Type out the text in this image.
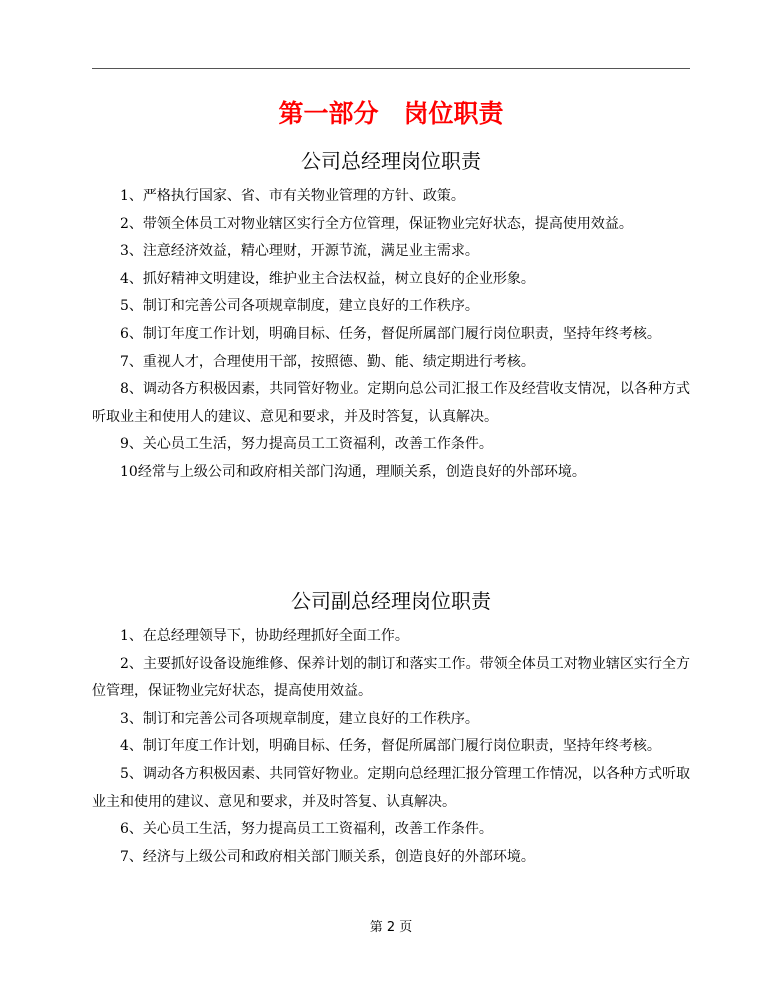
第一部分　岗位职责
公司总经理岗位职责

1、严格执行国家、省、市有关物业管理的方针、政策。

2、带领全体员工对物业辖区实行全方位管理，保证物业完好状态，提高使用效益。

3、注意经济效益，精心理财，开源节流，满足业主需求。

4、抓好精神文明建设，维护业主合法权益，树立良好的企业形象。

5、制订和完善公司各项规章制度，建立良好的工作秩序。

6、制订年度工作计划，明确目标、任务，督促所属部门履行岗位职责，坚持年终考核。

7、重视人才，合理使用干部，按照德、勤、能、绩定期进行考核。

8、调动各方积极因素，共同管好物业。定期向总公司汇报工作及经营收支情况，以各种方式听取业主和使用人的建议、意见和要求，并及时答复，认真解决。

9、关心员工生活，努力提高员工工资福利，改善工作条件。

10经常与上级公司和政府相关部门沟通，理顺关系，创造良好的外部环境。

公司副总经理岗位职责

1、在总经理领导下，协助经理抓好全面工作。

2、主要抓好设备设施维修、保养计划的制订和落实工作。带领全体员工对物业辖区实行全方位管理，保证物业完好状态，提高使用效益。

3、制订和完善公司各项规章制度，建立良好的工作秩序。

4、制订年度工作计划，明确目标、任务，督促所属部门履行岗位职责，坚持年终考核。

5、调动各方积极因素、共同管好物业。定期向总经理汇报分管理工作情况，以各种方式听取业主和使用的建议、意见和要求，并及时答复、认真解决。

6、关心员工生活，努力提高员工工资福利，改善工作条件。

7、经济与上级公司和政府相关部门顺关系，创造良好的外部环境。

第 2 页
